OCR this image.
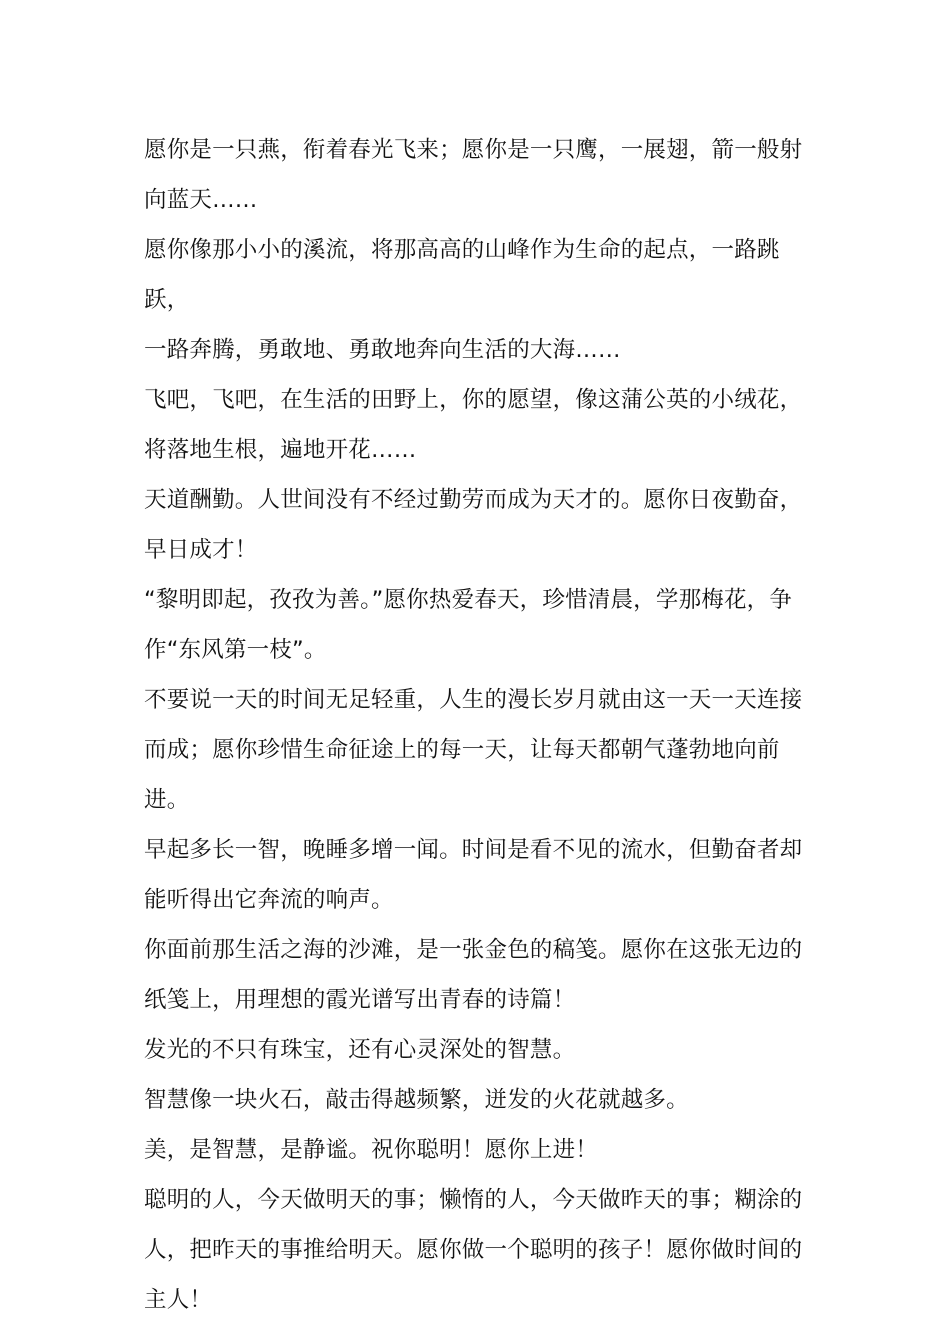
愿你是一只燕，衔着春光飞来；愿你是一只鹰，一展翅，箭一般射
向蓝天……

愿你像那小小的溪流，将那高高的山峰作为生命的起点，一路跳跃，
一路奔腾，勇敢地、勇敢地奔向生活的大海……

飞吧，飞吧，在生活的田野上，你的愿望，像这蒲公英的小绒花，
将落地生根，遍地开花……

天道酬勤。人世间没有不经过勤劳而成为天才的。愿你日夜勤奋，
早日成才！

“黎明即起，孜孜为善。”愿你热爱春天，珍惜清晨，学那梅花，争
作“东风第一枝”。

不要说一天的时间无足轻重，人生的漫长岁月就由这一天一天连接
而成；愿你珍惜生命征途上的每一天，让每天都朝气蓬勃地向前进。

早起多长一智，晚睡多增一闻。时间是看不见的流水，但勤奋者却
能听得出它奔流的响声。

你面前那生活之海的沙滩，是一张金色的稿笺。愿你在这张无边的
纸笺上，用理想的霞光谱写出青春的诗篇！

发光的不只有珠宝，还有心灵深处的智慧。

智慧像一块火石，敲击得越频繁，迸发的火花就越多。

美，是智慧，是静谧。祝你聪明！愿你上进！

聪明的人，今天做明天的事；懒惰的人，今天做昨天的事；糊涂的
人，把昨天的事推给明天。愿你做一个聪明的孩子！愿你做时间的
主人！
